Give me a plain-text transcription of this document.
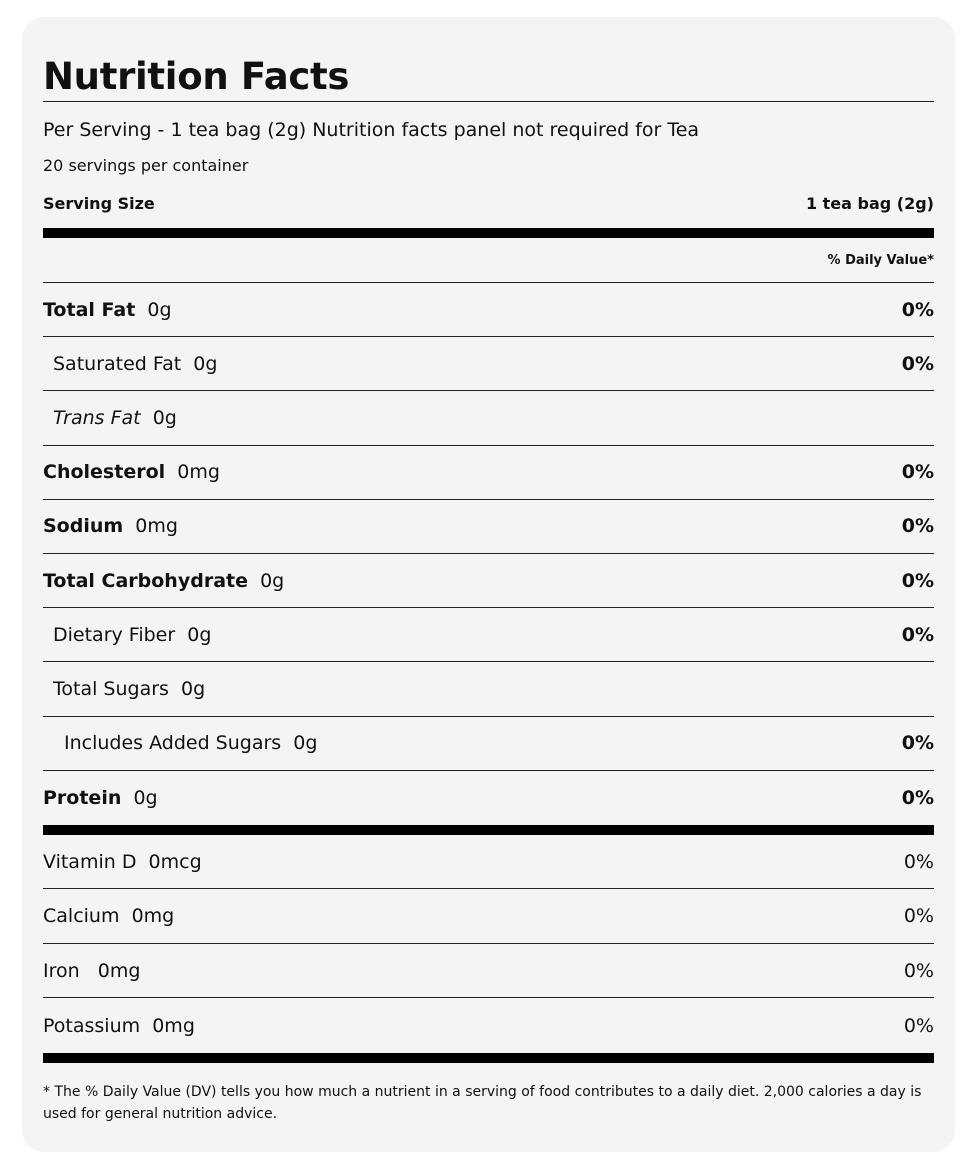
Nutrition Facts
Per Serving - 1 tea bag (2g) Nutrition facts panel not required for Tea
20 servings per container
Serving Size	1 tea bag (2g)
% Daily Value*
Total Fat 0g	0%
Saturated Fat 0g	0%
Trans Fat 0g
Cholesterol 0mg	0%
Sodium 0mg	0%
Total Carbohydrate 0g	0%
Dietary Fiber 0g	0%
Total Sugars 0g
Includes Added Sugars 0g	0%
Protein 0g	0%
Vitamin D 0mcg	0%
Calcium 0mg	0%
Iron   0mg	0%
Potassium 0mg	0%
* The % Daily Value (DV) tells you how much a nutrient in a serving of food contributes to a daily diet. 2,000 calories a day is used for general nutrition advice.
